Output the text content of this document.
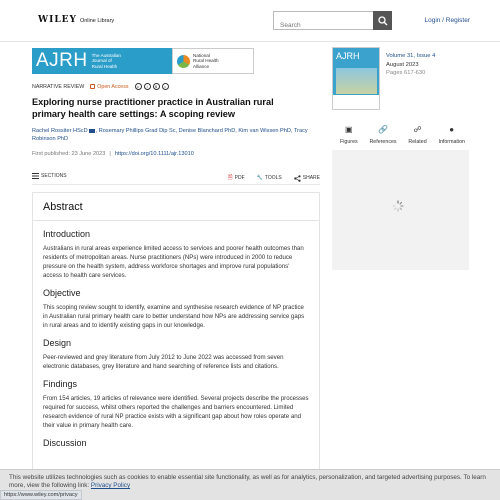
WILEY Online Library
Search	Login / Register
AJRH The Australian
Journal of
Rural Health
National
Rural Health
Alliance
NARRATIVE REVIEW Open Access	c	i	$	=
Exploring nurse practitioner practice in Australian rural primary health care settings: A scoping review
Rachel Rossiter HScD , Rosemary Phillips Grad Dip Sc, Denise Blanchard PhD, Kim van Wissen PhD, Tracy Robinson PhD
First published: 23 June 2023 | https://doi.org/10.1111/ajr.13010
SECTIONS	🗎 PDF 🔧 TOOLS	SHARE
Abstract
Introduction

Australians in rural areas experience limited access to services and poorer health outcomes than residents of metropolitan areas. Nurse practitioners (NPs) were introduced in 2000 to reduce pressure on the health system, address workforce shortages and improve rural populations' access to health care services.

Objective

This scoping review sought to identify, examine and synthesise research evidence of NP practice in Australian rural primary health care to better understand how NPs are addressing service gaps in rural areas and to identify existing gaps in our knowledge.

Design

Peer-reviewed and grey literature from July 2012 to June 2022 was accessed from seven electronic databases, grey literature and hand searching of reference lists and citations.

Findings

From 154 articles, 19 articles of relevance were identified. Several projects describe the processes required for success, whilst others reported the challenges and barriers encountered. Limited research evidence of rural NP practice exists with a significant gap about how roles operate and their value in primary health care.

Discussion
AJRH	Volume 31, Issue 4
August 2023
Pages 617-630
▣
Figures
🔗
References
☍
Related
●
Information
This website utilizes technologies such as cookies to enable essential site functionality, as well as for analytics, personalization, and targeted advertising purposes. To learn more, view the following link: Privacy Policy
https://www.wiley.com/privacy
